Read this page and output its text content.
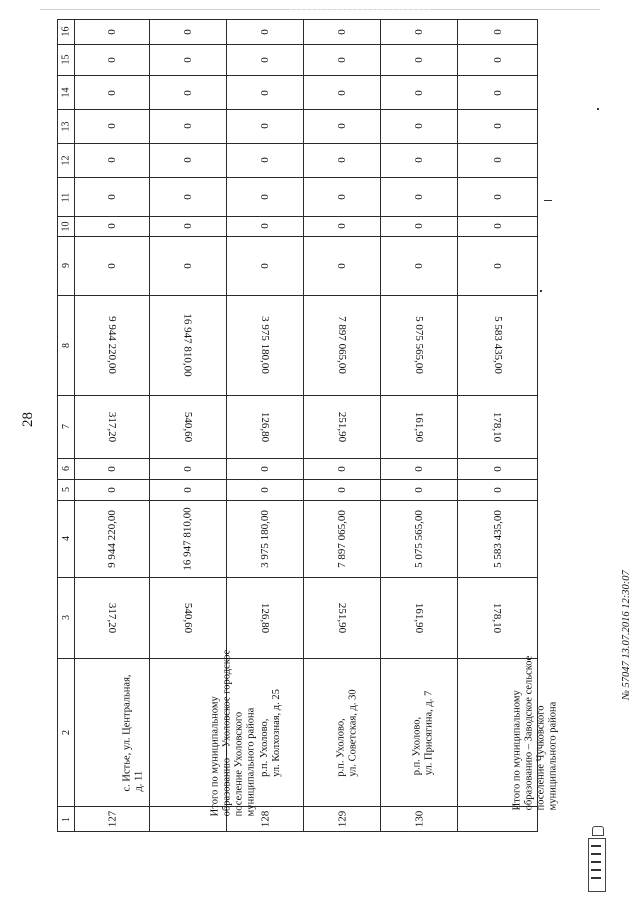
28
16	0	0	0	0	0	0
15	0	0	0	0	0	0
14	0	0	0	0	0	0
13	0	0	0	0	0	0
12	0	0	0	0	0	0
11	0	0	0	0	0	0
10	0	0	0	0	0	0
9	0	0	0	0	0	0
8	9 944 220,00	16 947 810,00	3 975 180,00	7 897 065,00	5 075 565,00	5 583 435,00
7	317,20	540,60	126,80	251,90	161,90	178,10
6	0	0	0	0	0	0
5	0	0	0	0	0	0
4	9 944 220,00	16 947 810,00	3 975 180,00	7 897 065,00	5 075 565,00	5 583 435,00
3	317,20	540,60	126,80	251,90	161,90	178,10
2	с. Истье, ул. Центральная, д. 11	Итого по муниципальному образованию – Ухоловское городское поселение Ухоловского муниципального района	р.п. Ухолово, ул. Колхозная, д. 25	р.п. Ухолово, ул. Советская, д. 30	р.п. Ухолово, ул. Присягина, д. 7	Итого по муниципальному образованию – Заводское сельское поселение Чучковского муниципального района

1	127		128	129	130	
№ 57047 13.07.2016 12:30:07
